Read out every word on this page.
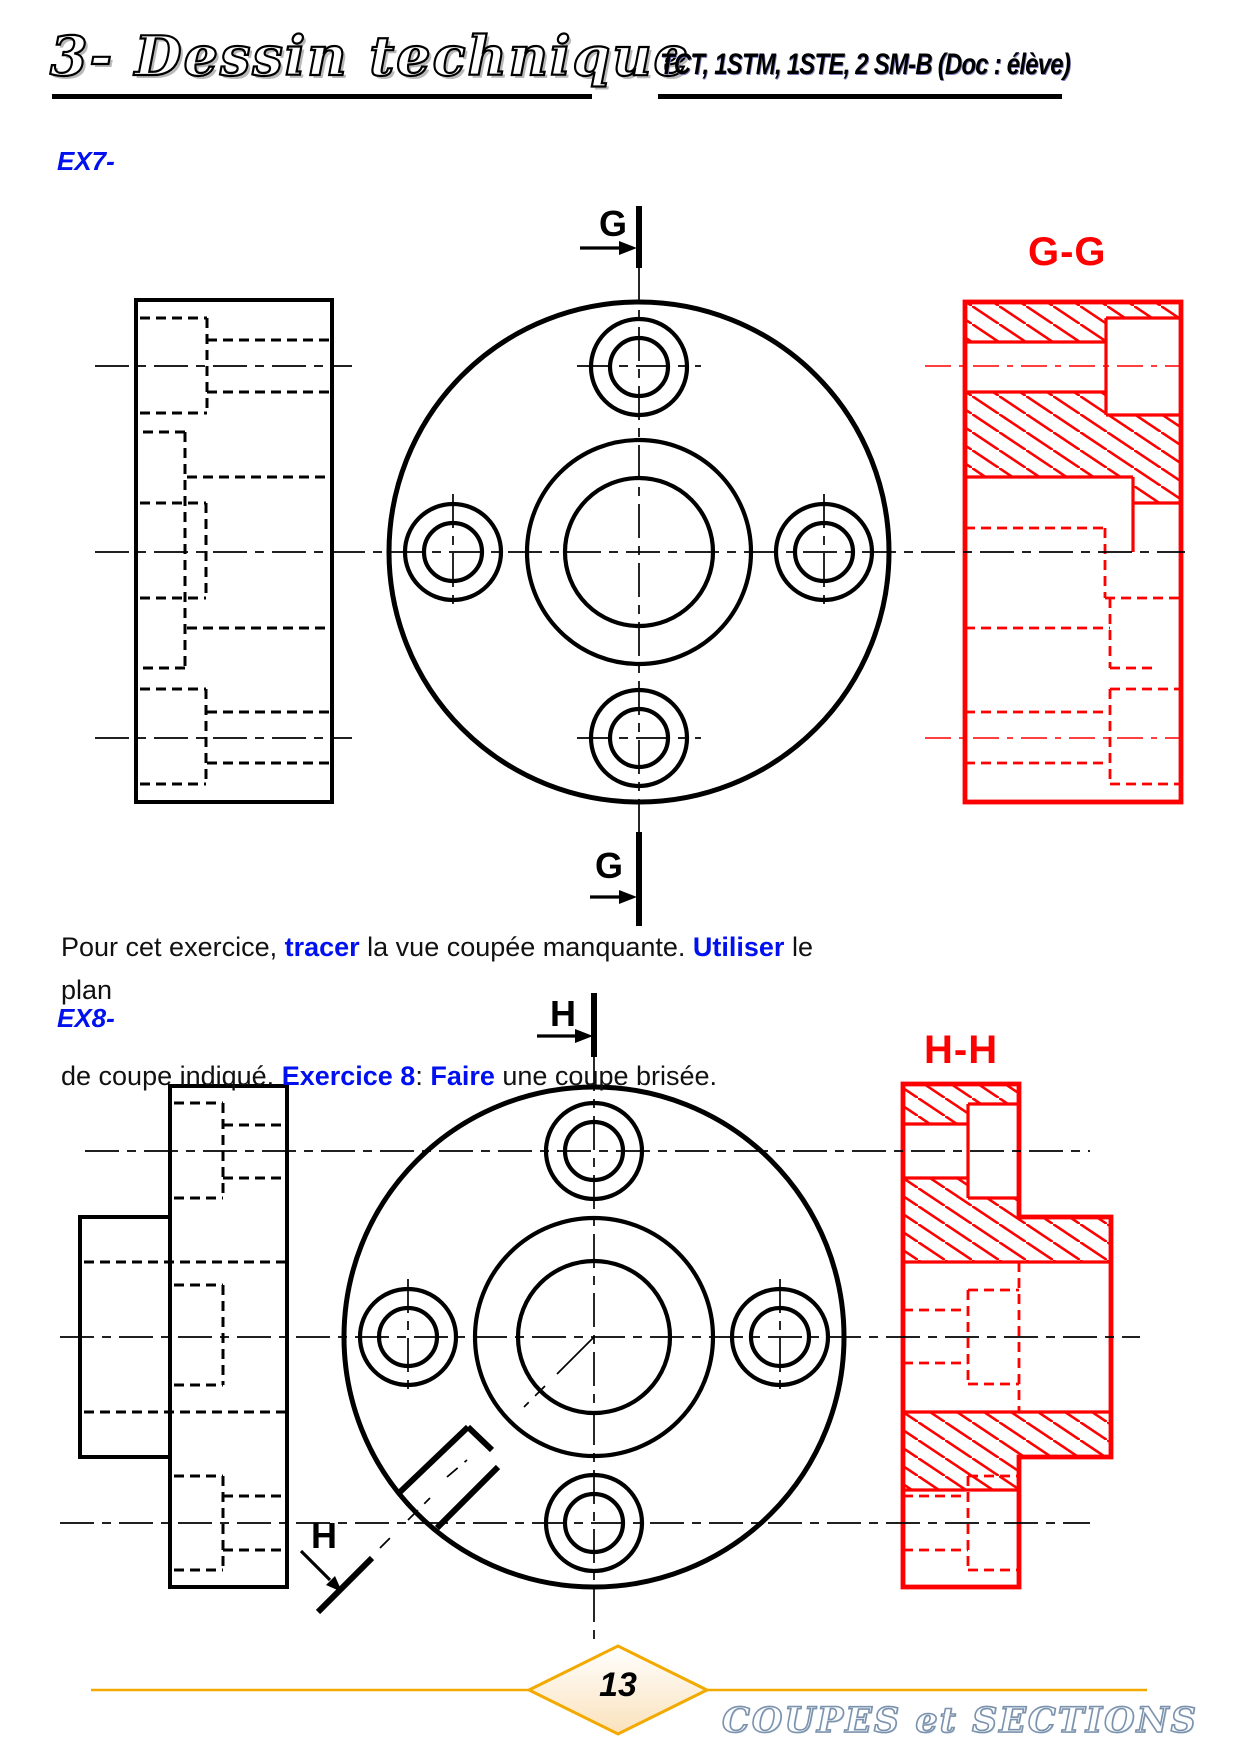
3- Dessin technique
TCT, 1STM, 1STE, 2 SM-B (Doc : élève)
EX7-
EX8-
G
G
H
H
G-G
H-H
Pour cet exercice, tracer la vue coupée manquante. Utiliser le plan

de coupe indiqué. Exercice 8: Faire une coupe brisée.
13
COUPES et SECTIONS
